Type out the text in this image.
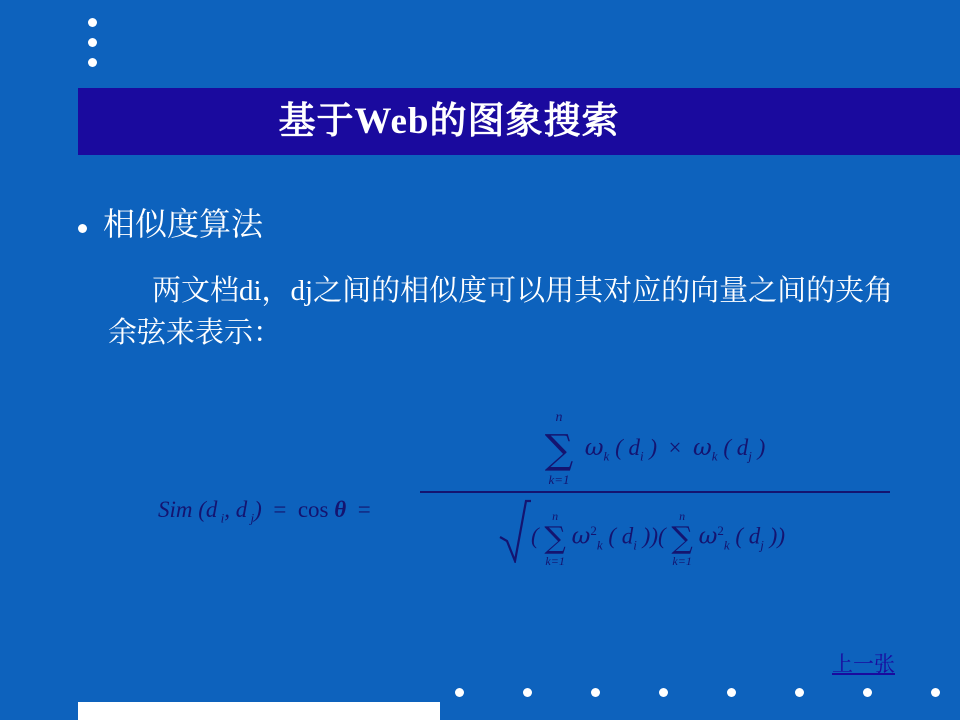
基于Web的图象搜索
相似度算法
两文档di，dj之间的相似度可以用其对应的向量之间的夹角余弦来表示：
Sim (d $_i$, d $_j$)  =  cos θ  =
n
∑
k=1
$\omega_k$ ( $d_i$ )  ×  $\omega_k$ ( $d_j$ )
(
n
∑
k=1
$\omega^2_k$ ( $d_i$ ))(
n
∑
k=1
$\omega^2_k$ ( $d_j$ ))
上一张
